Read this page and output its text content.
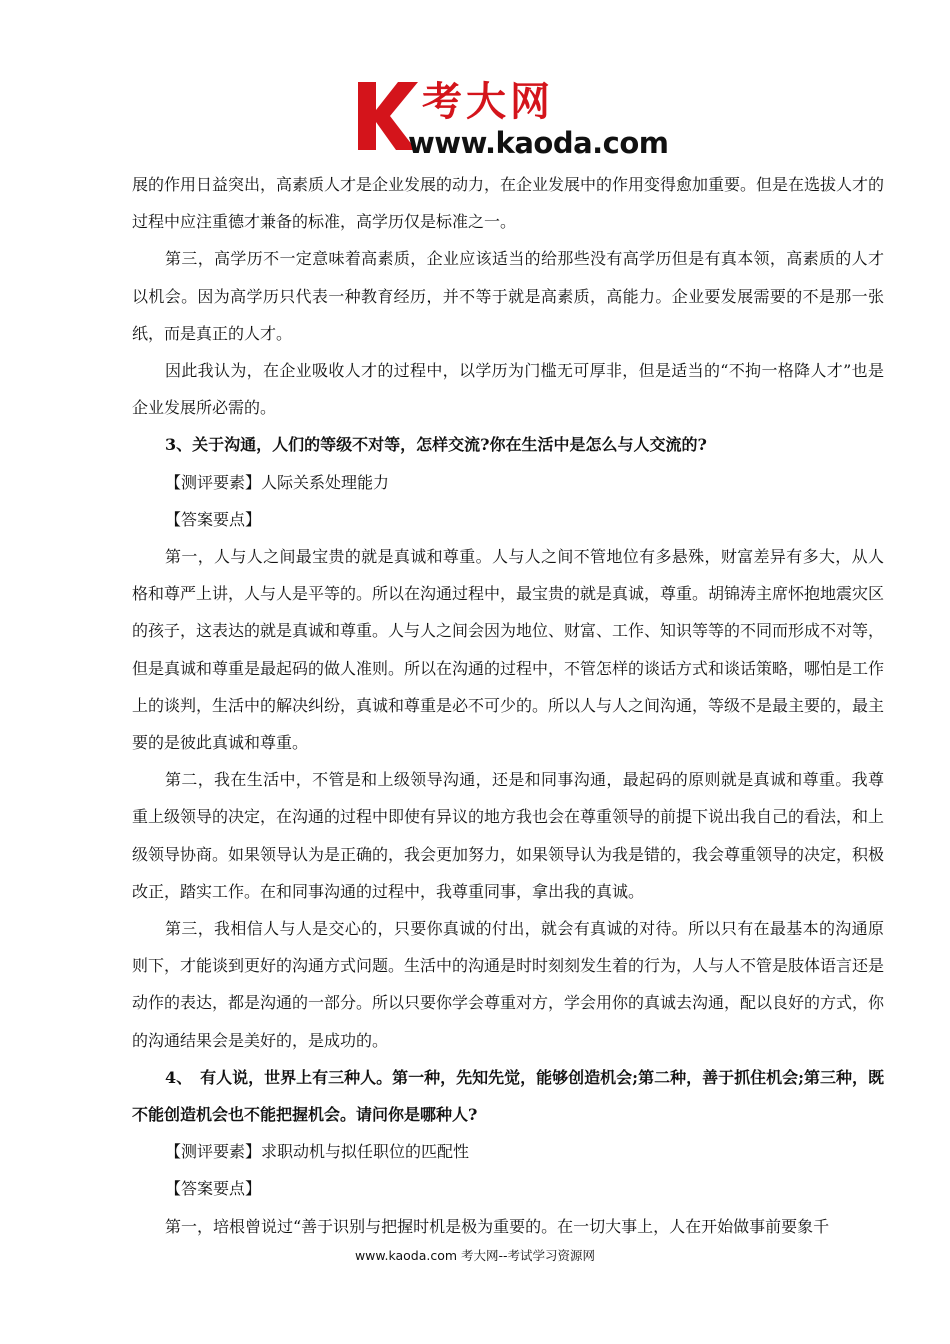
考大网
www.kaoda.com

展的作用日益突出，高素质人才是企业发展的动力，在企业发展中的作用变得愈加重要。但是在选拔人才的过程中应注重德才兼备的标准，高学历仅是标准之一。

第三，高学历不一定意味着高素质，企业应该适当的给那些没有高学历但是有真本领，高素质的人才以机会。因为高学历只代表一种教育经历，并不等于就是高素质，高能力。企业要发展需要的不是那一张纸，而是真正的人才。

因此我认为，在企业吸收人才的过程中，以学历为门槛无可厚非，但是适当的“不拘一格降人才”也是企业发展所必需的。

3、关于沟通，人们的等级不对等，怎样交流?你在生活中是怎么与人交流的?

【测评要素】人际关系处理能力

【答案要点】

第一，人与人之间最宝贵的就是真诚和尊重。人与人之间不管地位有多悬殊，财富差异有多大，从人格和尊严上讲，人与人是平等的。所以在沟通过程中，最宝贵的就是真诚，尊重。胡锦涛主席怀抱地震灾区的孩子，这表达的就是真诚和尊重。人与人之间会因为地位、财富、工作、知识等等的不同而形成不对等，但是真诚和尊重是最起码的做人准则。所以在沟通的过程中，不管怎样的谈话方式和谈话策略，哪怕是工作上的谈判，生活中的解决纠纷，真诚和尊重是必不可少的。所以人与人之间沟通，等级不是最主要的，最主要的是彼此真诚和尊重。

第二，我在生活中，不管是和上级领导沟通，还是和同事沟通，最起码的原则就是真诚和尊重。我尊重上级领导的决定，在沟通的过程中即使有异议的地方我也会在尊重领导的前提下说出我自己的看法，和上级领导协商。如果领导认为是正确的，我会更加努力，如果领导认为我是错的，我会尊重领导的决定，积极改正，踏实工作。在和同事沟通的过程中，我尊重同事，拿出我的真诚。

第三，我相信人与人是交心的，只要你真诚的付出，就会有真诚的对待。所以只有在最基本的沟通原则下，才能谈到更好的沟通方式问题。生活中的沟通是时时刻刻发生着的行为，人与人不管是肢体语言还是动作的表达，都是沟通的一部分。所以只要你学会尊重对方，学会用你的真诚去沟通，配以良好的方式，你的沟通结果会是美好的，是成功的。

4、　有人说，世界上有三种人。第一种，先知先觉，能够创造机会;第二种，善于抓住机会;第三种，既不能创造机会也不能把握机会。请问你是哪种人?

【测评要素】求职动机与拟任职位的匹配性

【答案要点】

第一，培根曾说过“善于识别与把握时机是极为重要的。在一切大事上，人在开始做事前要象千

www.kaoda.com 考大网--考试学习资源网
